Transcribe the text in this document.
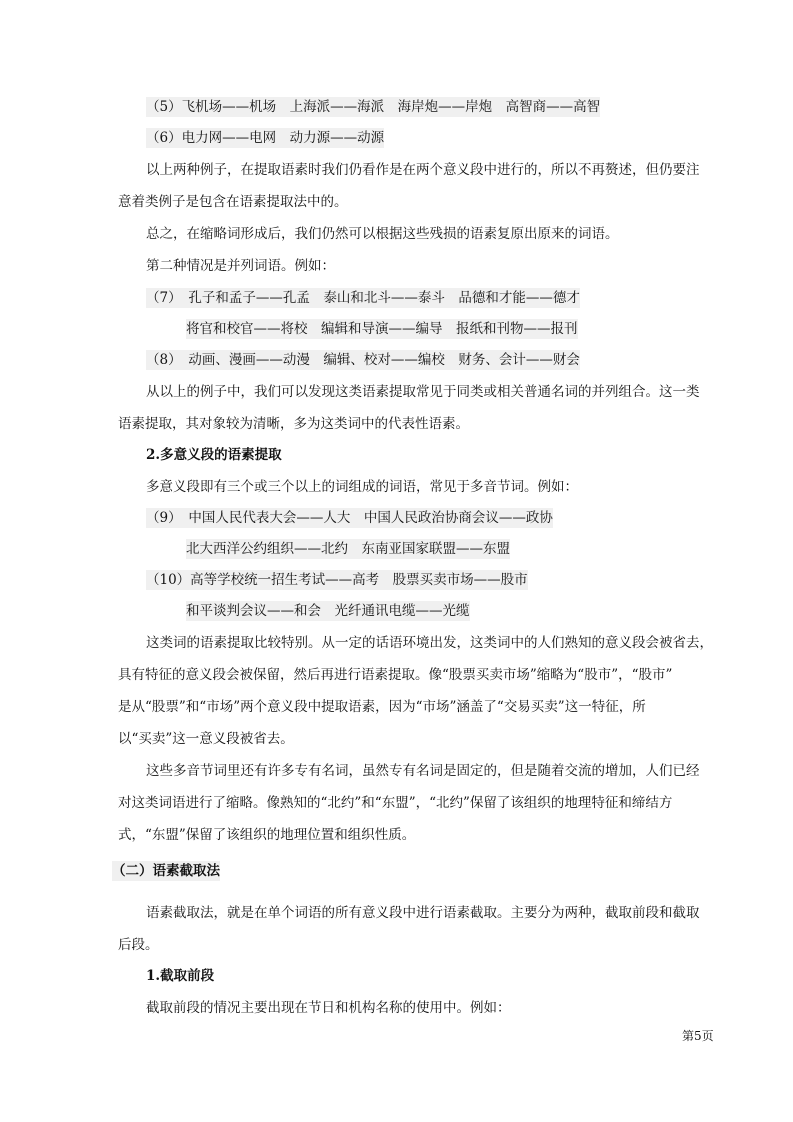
（5）飞机场——机场　上海派——海派　海岸炮——岸炮　高智商——高智
（6）电力网——电网　动力源——动源
以上两种例子，在提取语素时我们仍看作是在两个意义段中进行的，所以不再赘述，但仍要注
意着类例子是包含在语素提取法中的。
总之，在缩略词形成后，我们仍然可以根据这些残损的语素复原出原来的词语。
第二种情况是并列词语。例如：
（7）　孔子和孟子——孔孟　泰山和北斗——泰斗　品德和才能——德才
将官和校官——将校　编辑和导演——编导　报纸和刊物——报刊
（8）　动画、漫画——动漫　编辑、校对——编校　财务、会计——财会
从以上的例子中，我们可以发现这类语素提取常见于同类或相关普通名词的并列组合。这一类
语素提取，其对象较为清晰，多为这类词中的代表性语素。
2.多意义段的语素提取
多意义段即有三个或三个以上的词组成的词语，常见于多音节词。例如：
（9）　中国人民代表大会——人大　中国人民政治协商会议——政协
北大西洋公约组织——北约　东南亚国家联盟——东盟
（10）高等学校统一招生考试——高考　股票买卖市场——股市
和平谈判会议——和会　光纤通讯电缆——光缆
这类词的语素提取比较特别。从一定的话语环境出发，这类词中的人们熟知的意义段会被省去，
具有特征的意义段会被保留，然后再进行语素提取。像“股票买卖市场”缩略为“股市”，“股市”
是从“股票”和“市场”两个意义段中提取语素，因为“市场”涵盖了“交易买卖”这一特征，所
以“买卖”这一意义段被省去。
这些多音节词里还有许多专有名词，虽然专有名词是固定的，但是随着交流的增加，人们已经
对这类词语进行了缩略。像熟知的“北约”和“东盟”，“北约”保留了该组织的地理特征和缔结方
式，“东盟”保留了该组织的地理位置和组织性质。
（二）语素截取法
语素截取法，就是在单个词语的所有意义段中进行语素截取。主要分为两种，截取前段和截取
后段。
1.截取前段
截取前段的情况主要出现在节日和机构名称的使用中。例如：
第5页
